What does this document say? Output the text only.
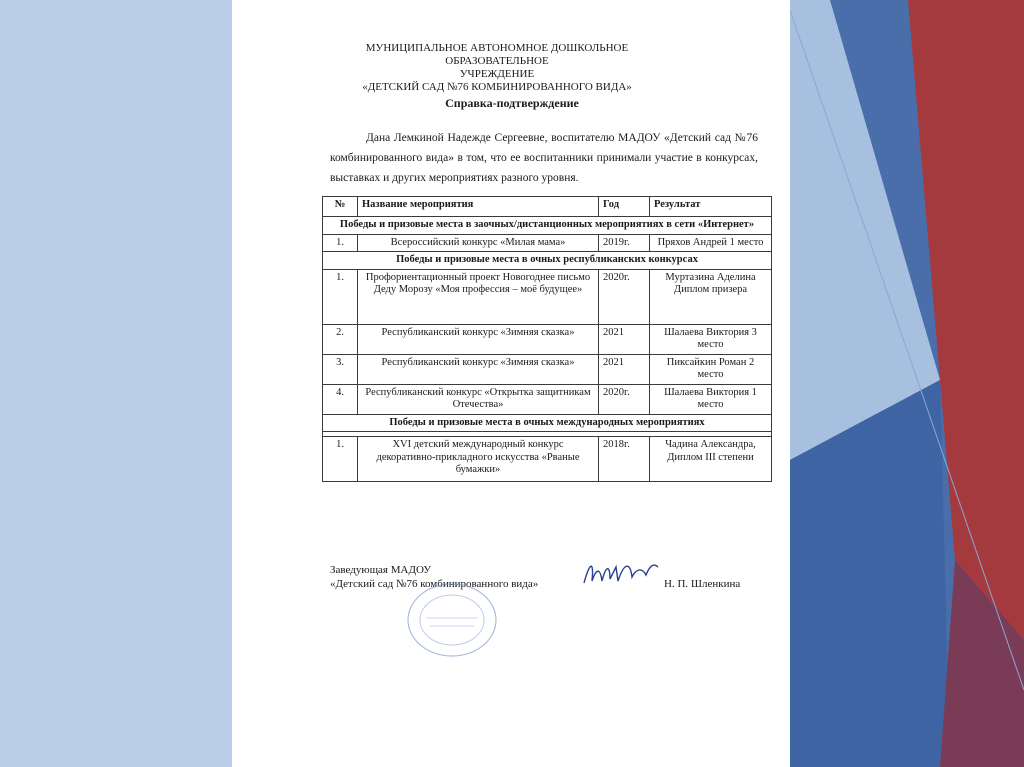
МУНИЦИПАЛЬНОЕ АВТОНОМНОЕ ДОШКОЛЬНОЕ ОБРАЗОВАТЕЛЬНОЕ
УЧРЕЖДЕНИЕ
«ДЕТСКИЙ САД №76 КОМБИНИРОВАННОГО ВИДА»
Справка-подтверждение
Дана Лемкиной Надежде Сергеевне, воспитателю МАДОУ «Детский сад №76 комбинированного вида» в том, что ее воспитанники принимали участие в конкурсах, выставках и других мероприятиях разного уровня.
№	Название мероприятия	Год	Результат
Победы и призовые места в заочных/дистанционных мероприятиях в сети «Интернет»			
1.	Всероссийский конкурс «Милая мама»	2019г.	Пряхов Андрей 1 место
Победы и призовые места в очных республиканских конкурсах			
1.	Профориентационный проект Новогоднее письмо Деду Морозу «Моя профессия – моё будущее»	2020г.	Муртазина Аделина Диплом призера
2.	Республиканский конкурс «Зимняя сказка»	2021	Шалаева Виктория 3 место
3.	Республиканский конкурс «Зимняя сказка»	2021	Пиксайкин Роман 2 место
4.	Республиканский конкурс «Открытка защитникам Отечества»	2020г.	Шалаева Виктория 1 место
Победы и призовые места в очных международных мероприятиях			

1.	XVI детский международный конкурс декоративно-прикладного искусства «Рваные бумажки»	2018г.	Чадина Александра, Диплом III степени
Заведующая МАДОУ
«Детский сад №76 комбинированного вида»	Н. П. Шленкина
